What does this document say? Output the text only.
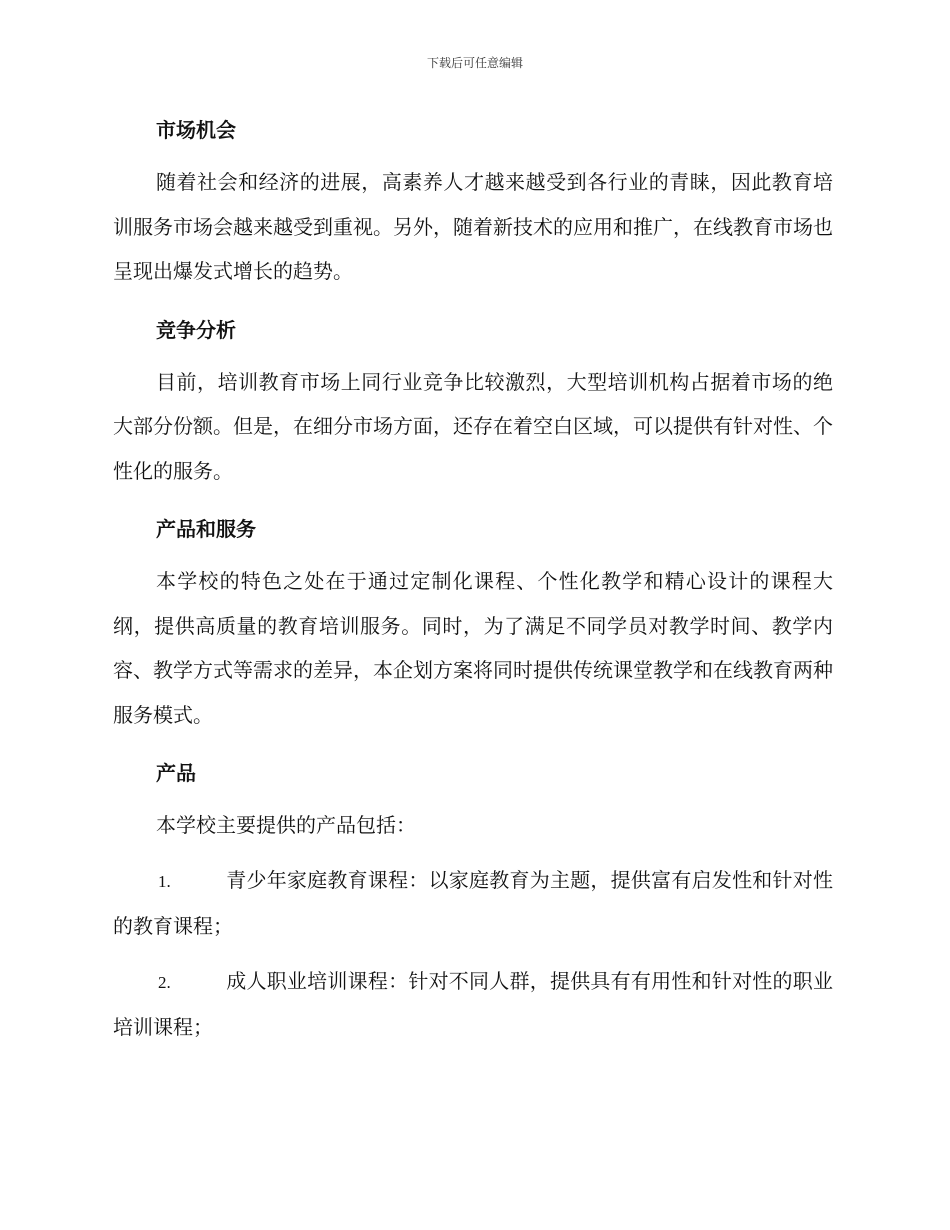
下载后可任意编辑
市场机会

随着社会和经济的进展，高素养人才越来越受到各行业的青睐，因此教育培训服务市场会越来越受到重视。另外，随着新技术的应用和推广，在线教育市场也呈现出爆发式增长的趋势。

竞争分析

目前，培训教育市场上同行业竞争比较激烈，大型培训机构占据着市场的绝大部分份额。但是，在细分市场方面，还存在着空白区域，可以提供有针对性、个性化的服务。

产品和服务

本学校的特色之处在于通过定制化课程、个性化教学和精心设计的课程大纲，提供高质量的教育培训服务。同时，为了满足不同学员对教学时间、教学内容、教学方式等需求的差异，本企划方案将同时提供传统课堂教学和在线教育两种服务模式。

产品

本学校主要提供的产品包括：

1.	青少年家庭教育课程：以家庭教育为主题，提供富有启发性和针对性的教育课程；

2.	成人职业培训课程：针对不同人群，提供具有有用性和针对性的职业培训课程；
